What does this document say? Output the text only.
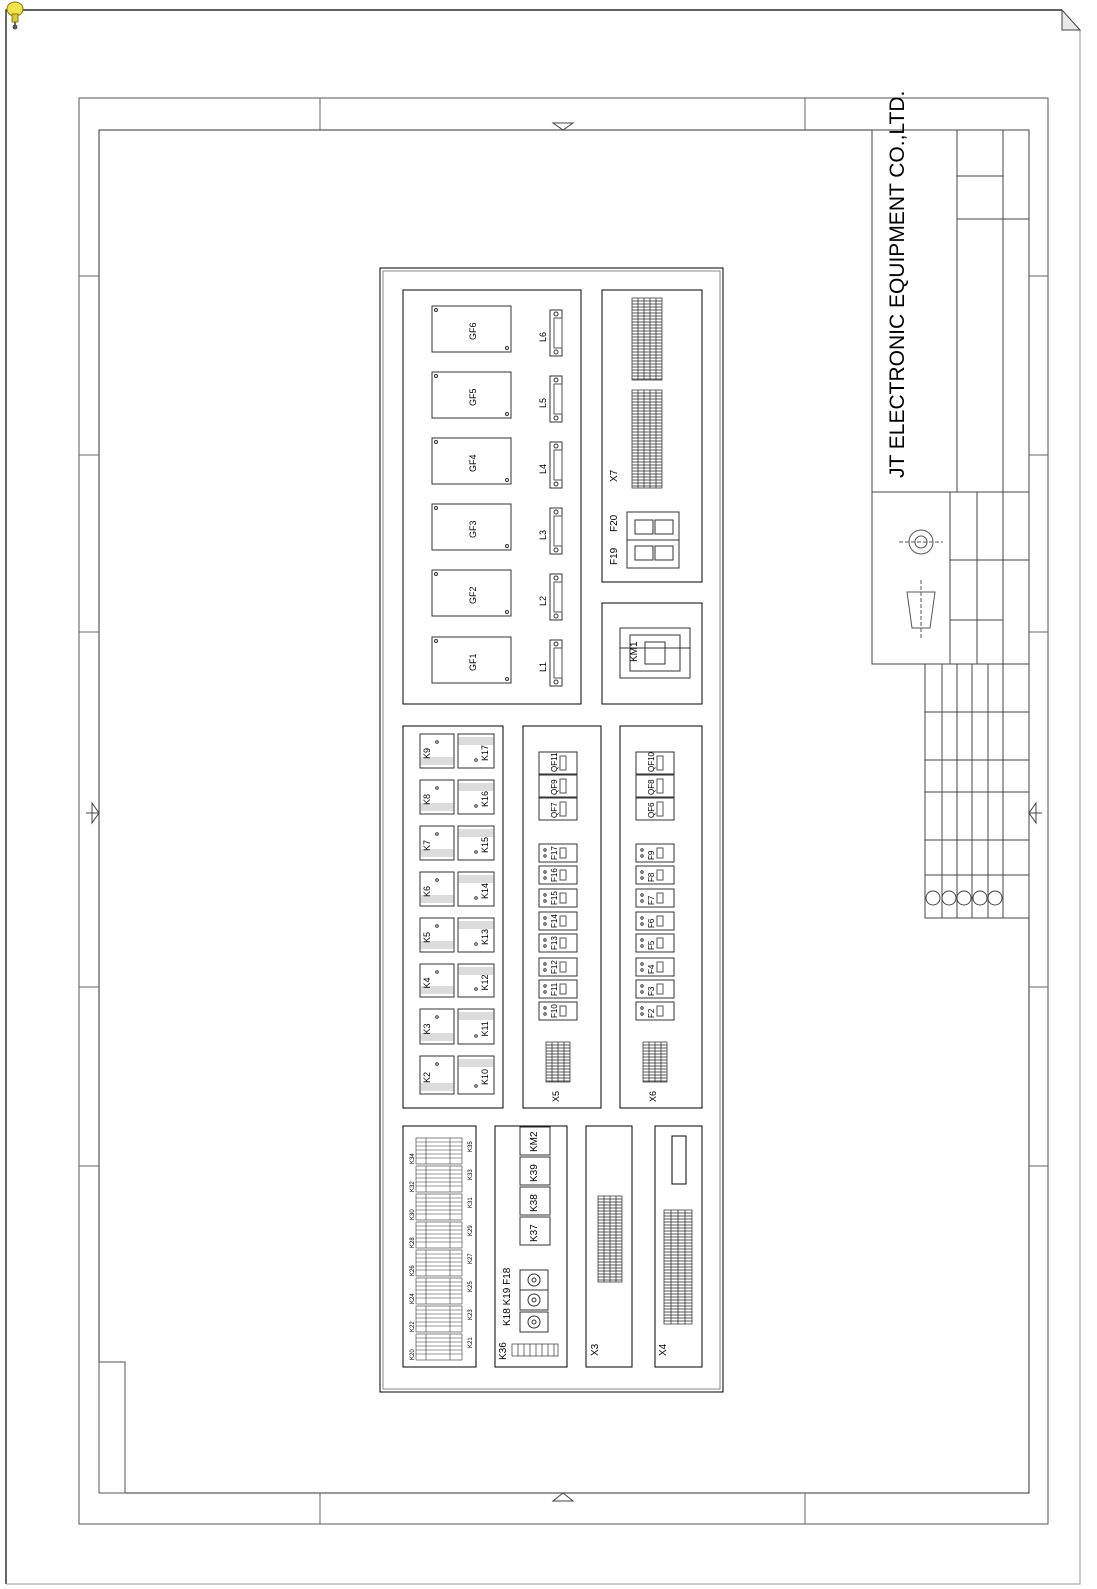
JT ELECTRONIC EQUIPMENT CO.,LTD.
GF1
GF2
GF3
GF4
GF5
GF6
L1
L2
L3
L4
L5
L6
X7
F19
F20
KM1
K2
K3
K4
K5
K6
K7
K8
K9
K10
K11
K12
K13
K14
K15
K16
K17
F10
F11
F12
F13
F14
F15
F16
F17
QF7
QF9
QF11
X5
F2
F3
F4
F5
F6
F7
F8
F9
QF6
QF8
QF10
X6
K34
K32
K30
K28
K26
K24
K22
K20
K35
K33
K31
K29
K27
K25
K23
K21
K37
K38
K39
KM2
K18 K19 F18
K36	X3	X4
